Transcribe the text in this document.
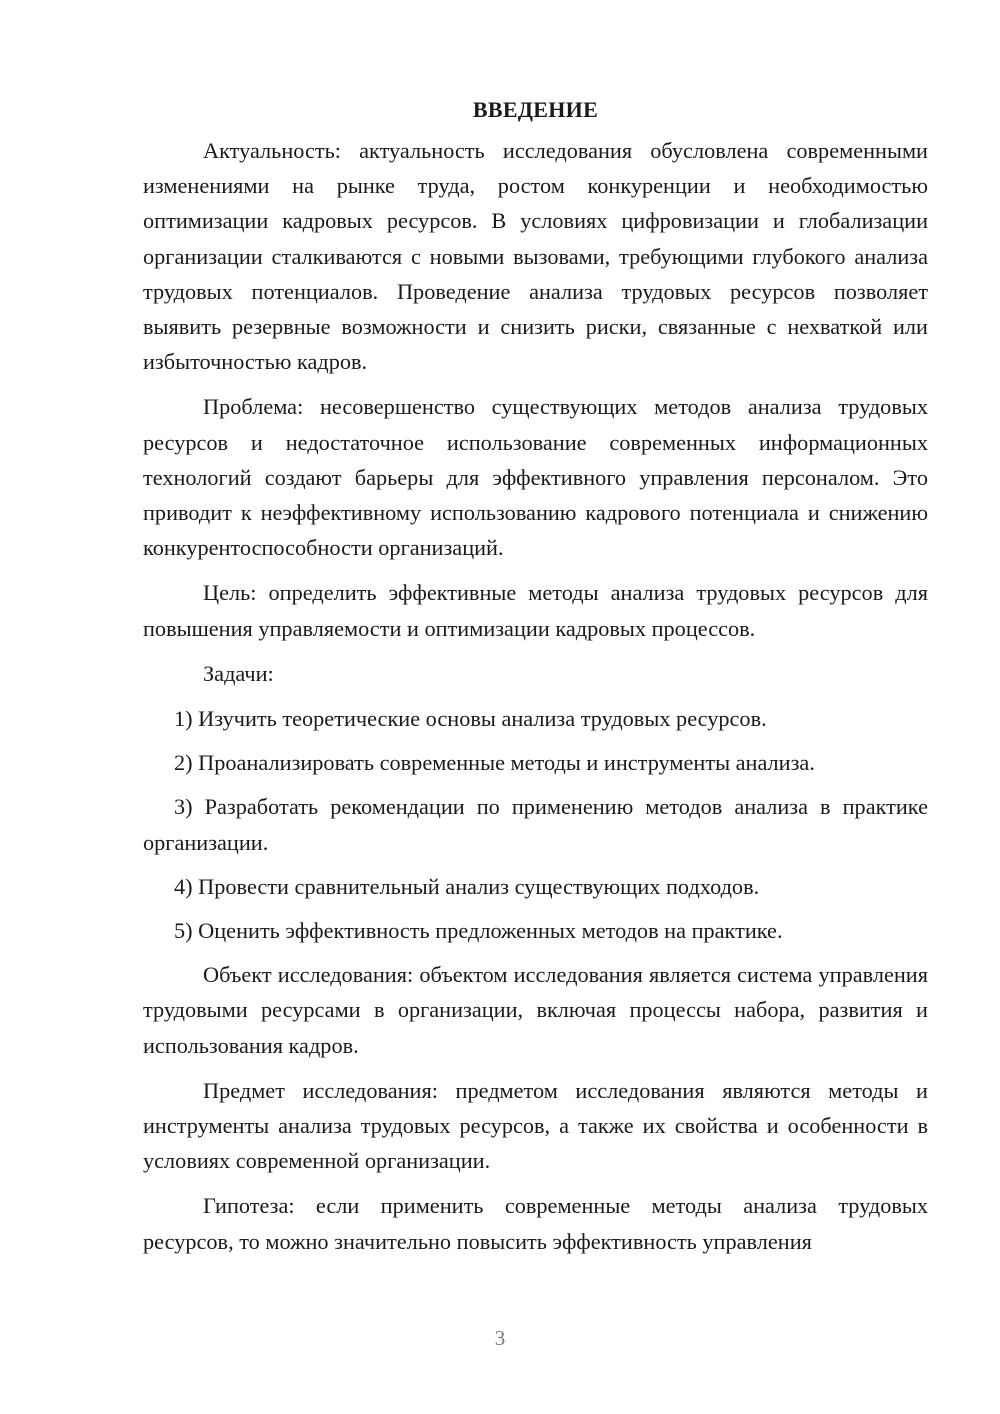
ВВЕДЕНИЕ

Актуальность: актуальность исследования обусловлена современными изменениями на рынке труда, ростом конкуренции и необходимостью оптимизации кадровых ресурсов. В условиях цифровизации и глобализации организации сталкиваются с новыми вызовами, требующими глубокого анализа трудовых потенциалов. Проведение анализа трудовых ресурсов позволяет выявить резервные возможности и снизить риски, связанные с нехваткой или избыточностью кадров.

Проблема: несовершенство существующих методов анализа трудовых ресурсов и недостаточное использование современных информационных технологий создают барьеры для эффективного управления персоналом. Это приводит к неэффективному использованию кадрового потенциала и снижению конкурентоспособности организаций.

Цель: определить эффективные методы анализа трудовых ресурсов для повышения управляемости и оптимизации кадровых процессов.

Задачи:

1) Изучить теоретические основы анализа трудовых ресурсов.

2) Проанализировать современные методы и инструменты анализа.

3) Разработать рекомендации по применению методов анализа в практике организации.

4) Провести сравнительный анализ существующих подходов.

5) Оценить эффективность предложенных методов на практике.

Объект исследования: объектом исследования является система управления трудовыми ресурсами в организации, включая процессы набора, развития и использования кадров.

Предмет исследования: предметом исследования являются методы и инструменты анализа трудовых ресурсов, а также их свойства и особенности в условиях современной организации.

Гипотеза: если применить современные методы анализа трудовых ресурсов, то можно значительно повысить эффективность управления

3
